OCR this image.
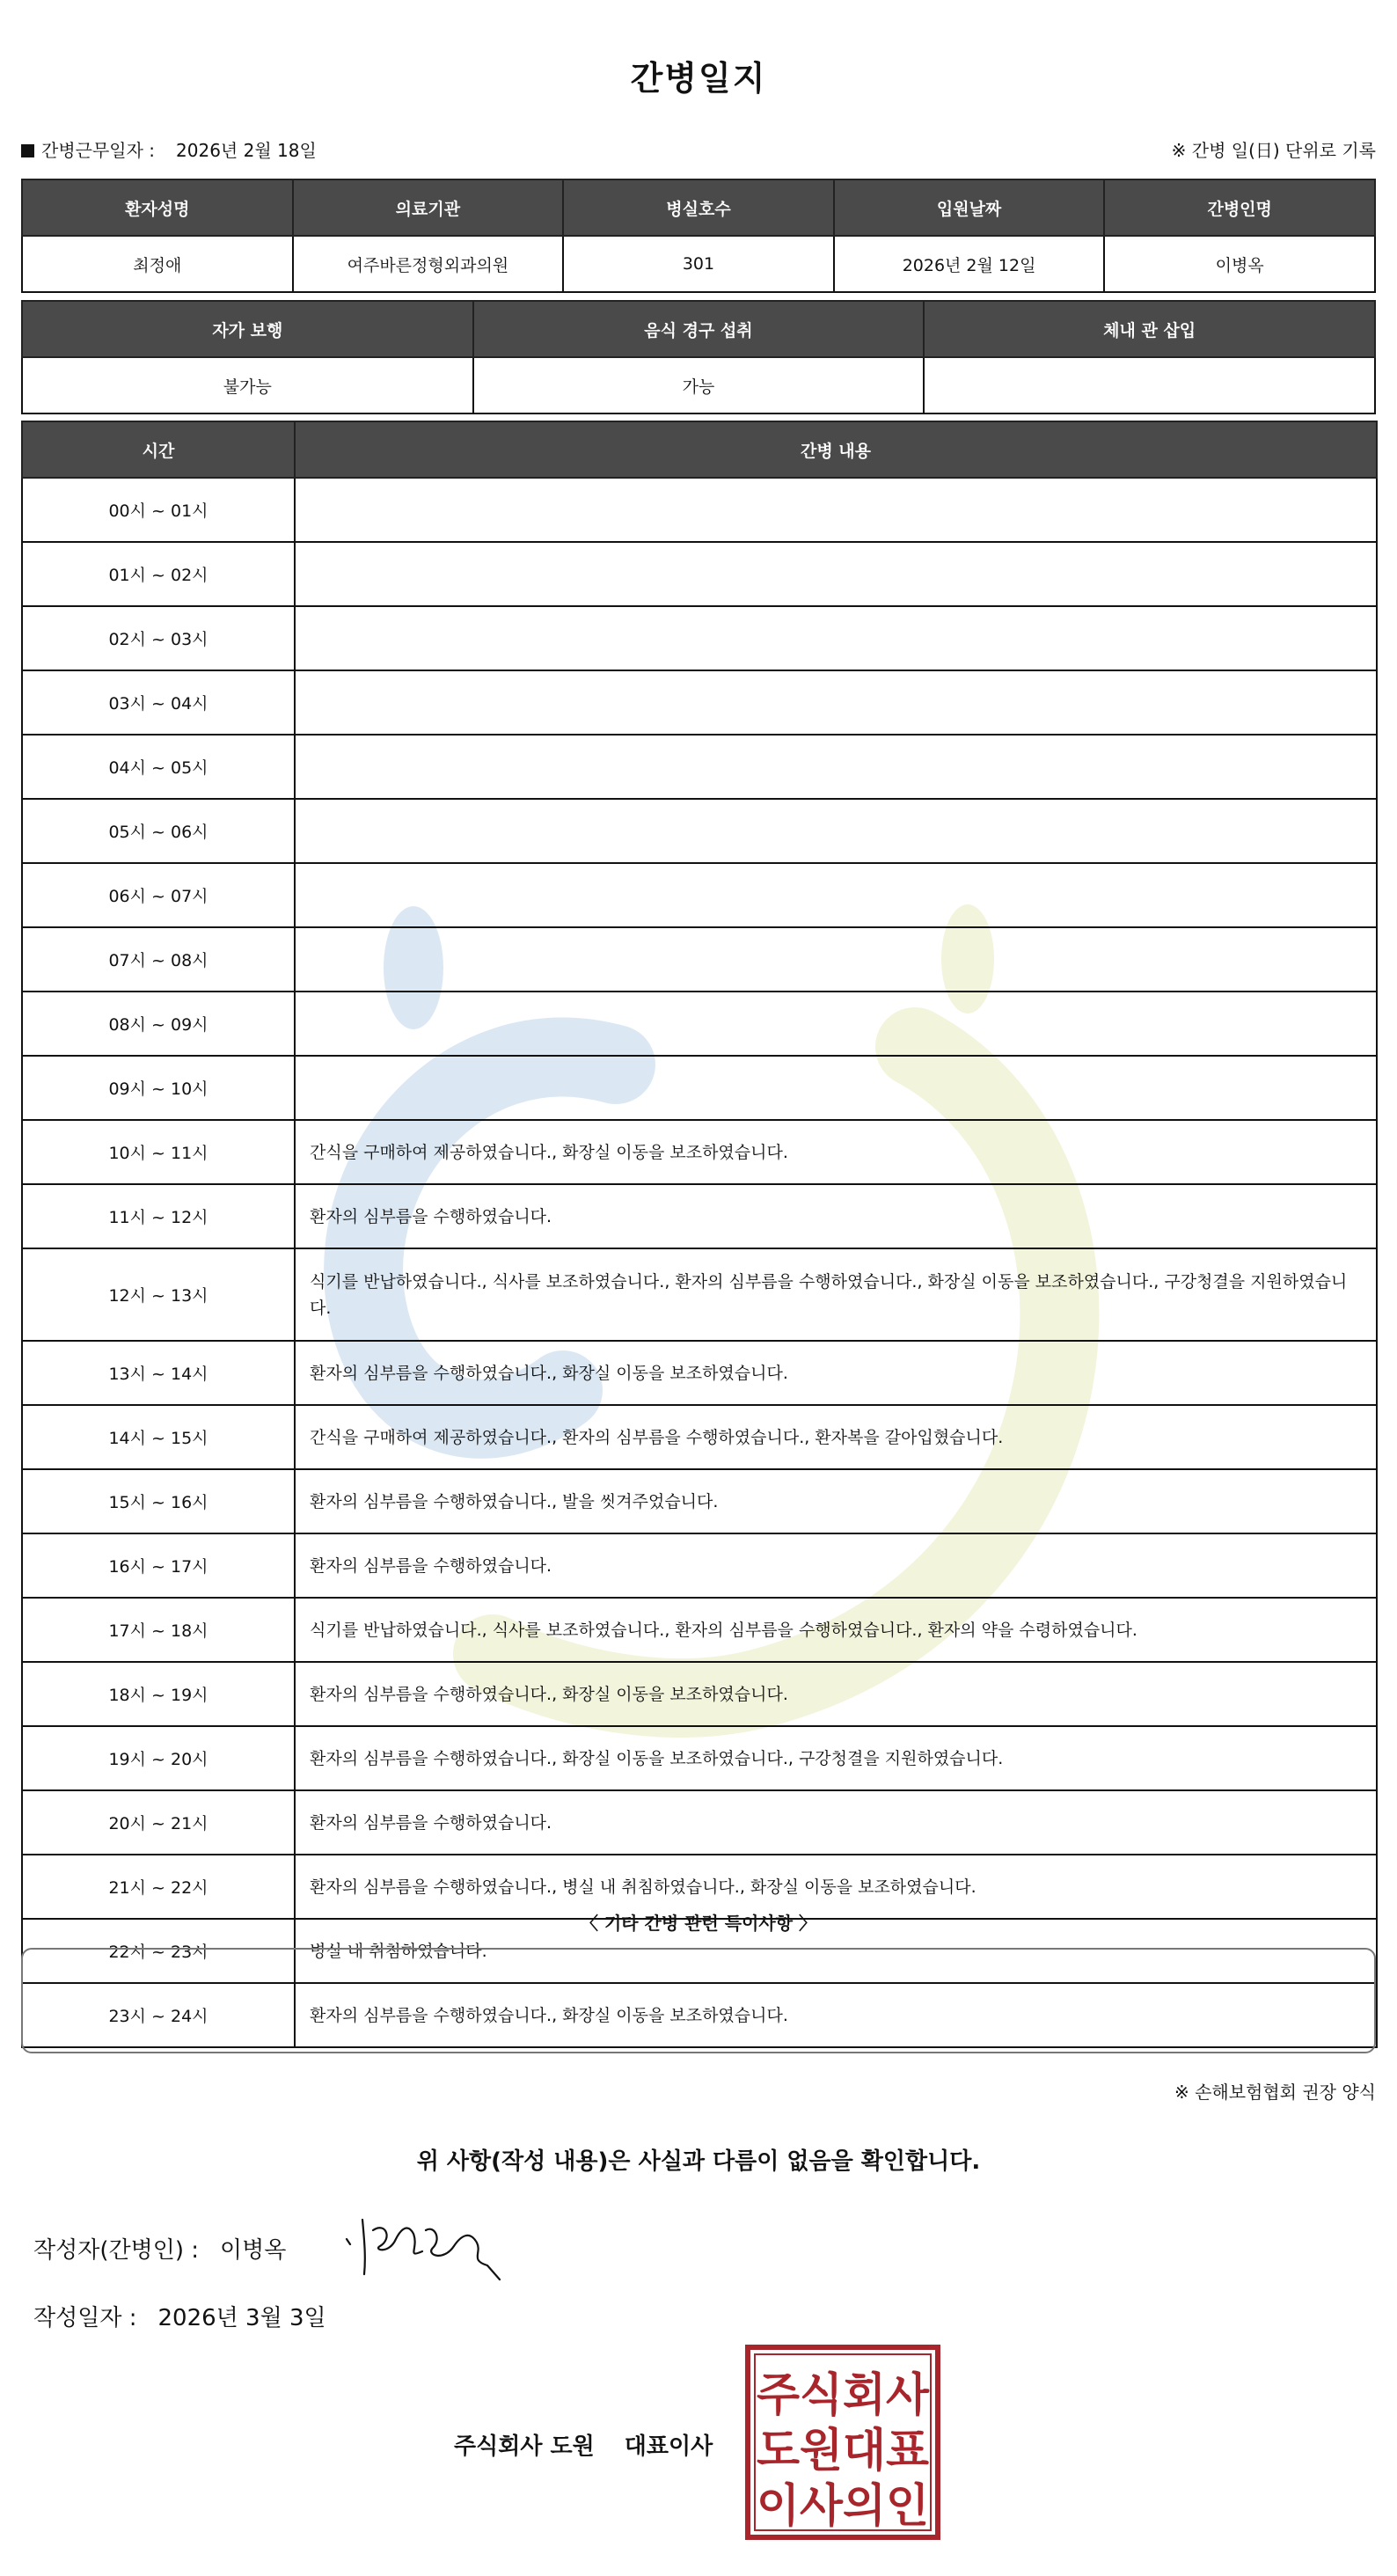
간병일지
간병근무일자 : 2026년 2월 18일	※ 간병 일(日) 단위로 기록
환자성명	의료기관	병실호수	입원날짜	간병인명
최정애	여주바른정형외과의원	301	2026년 2월 12일	이병옥
자가 보행	음식 경구 섭취	체내 관 삽입
불가능	가능	
시간	간병 내용
00시 ~ 01시	
01시 ~ 02시	
02시 ~ 03시	
03시 ~ 04시	
04시 ~ 05시	
05시 ~ 06시	
06시 ~ 07시	
07시 ~ 08시	
08시 ~ 09시	
09시 ~ 10시	
10시 ~ 11시	간식을 구매하여 제공하였습니다., 화장실 이동을 보조하였습니다.
11시 ~ 12시	환자의 심부름을 수행하였습니다.
12시 ~ 13시	식기를 반납하였습니다., 식사를 보조하였습니다., 환자의 심부름을 수행하였습니다., 화장실 이동을 보조하였습니다., 구강청결을 지원하였습니다.
13시 ~ 14시	환자의 심부름을 수행하였습니다., 화장실 이동을 보조하였습니다.
14시 ~ 15시	간식을 구매하여 제공하였습니다., 환자의 심부름을 수행하였습니다., 환자복을 갈아입혔습니다.
15시 ~ 16시	환자의 심부름을 수행하였습니다., 발을 씻겨주었습니다.
16시 ~ 17시	환자의 심부름을 수행하였습니다.
17시 ~ 18시	식기를 반납하였습니다., 식사를 보조하였습니다., 환자의 심부름을 수행하였습니다., 환자의 약을 수령하였습니다.
18시 ~ 19시	환자의 심부름을 수행하였습니다., 화장실 이동을 보조하였습니다.
19시 ~ 20시	환자의 심부름을 수행하였습니다., 화장실 이동을 보조하였습니다., 구강청결을 지원하였습니다.
20시 ~ 21시	환자의 심부름을 수행하였습니다.
21시 ~ 22시	환자의 심부름을 수행하였습니다., 병실 내 취침하였습니다., 화장실 이동을 보조하였습니다.
22시 ~ 23시	병실 내 취침하였습니다.
23시 ~ 24시	환자의 심부름을 수행하였습니다., 화장실 이동을 보조하였습니다.
〈 기타 간병 관련 특이사항 〉
※ 손해보험협회 권장 양식
위 사항(작성 내용)은 사실과 다름이 없음을 확인합니다.
작성자(간병인) : 이병옥
작성일자 : 2026년 3월 3일
주식회사 도원 대표이사
주식회사
도원대표
이사의인
